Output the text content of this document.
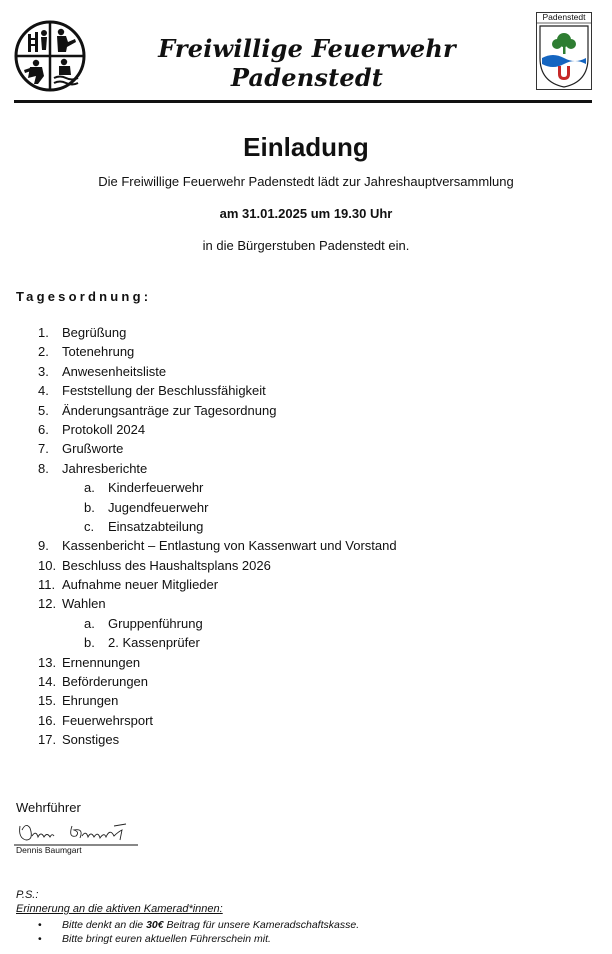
Freiwillige Feuerwehr Padenstedt
Padenstedt
Einladung
Die Freiwillige Feuerwehr Padenstedt lädt zur Jahreshauptversammlung
am 31.01.2025 um 19.30 Uhr
in die Bürgerstuben Padenstedt ein.
Tagesordnung:
1.	Begrüßung
2.	Totenehrung
3.	Anwesenheitsliste
4.	Feststellung der Beschlussfähigkeit
5.	Änderungsanträge zur Tagesordnung
6.	Protokoll 2024
7.	Grußworte
8.	Jahresberichte
a.	Kinderfeuerwehr
b.	Jugendfeuerwehr
c.	Einsatzabteilung
9.	Kassenbericht – Entlastung von Kassenwart und Vorstand
10. Beschluss des Haushaltsplans 2026
11. Aufnahme neuer Mitglieder
12. Wahlen
a.	Gruppenführung
b.	2. Kassenprüfer
13. Ernennungen
14. Beförderungen
15. Ehrungen
16. Feuerwehrsport
17. Sonstiges
Wehrführer
Dennis Baumgart
P.S.:
Erinnerung an die aktiven Kamerad*innen:
• Bitte denkt an die 30€ Beitrag für unsere Kameradschaftskasse.
• Bitte bringt euren aktuellen Führerschein mit.
